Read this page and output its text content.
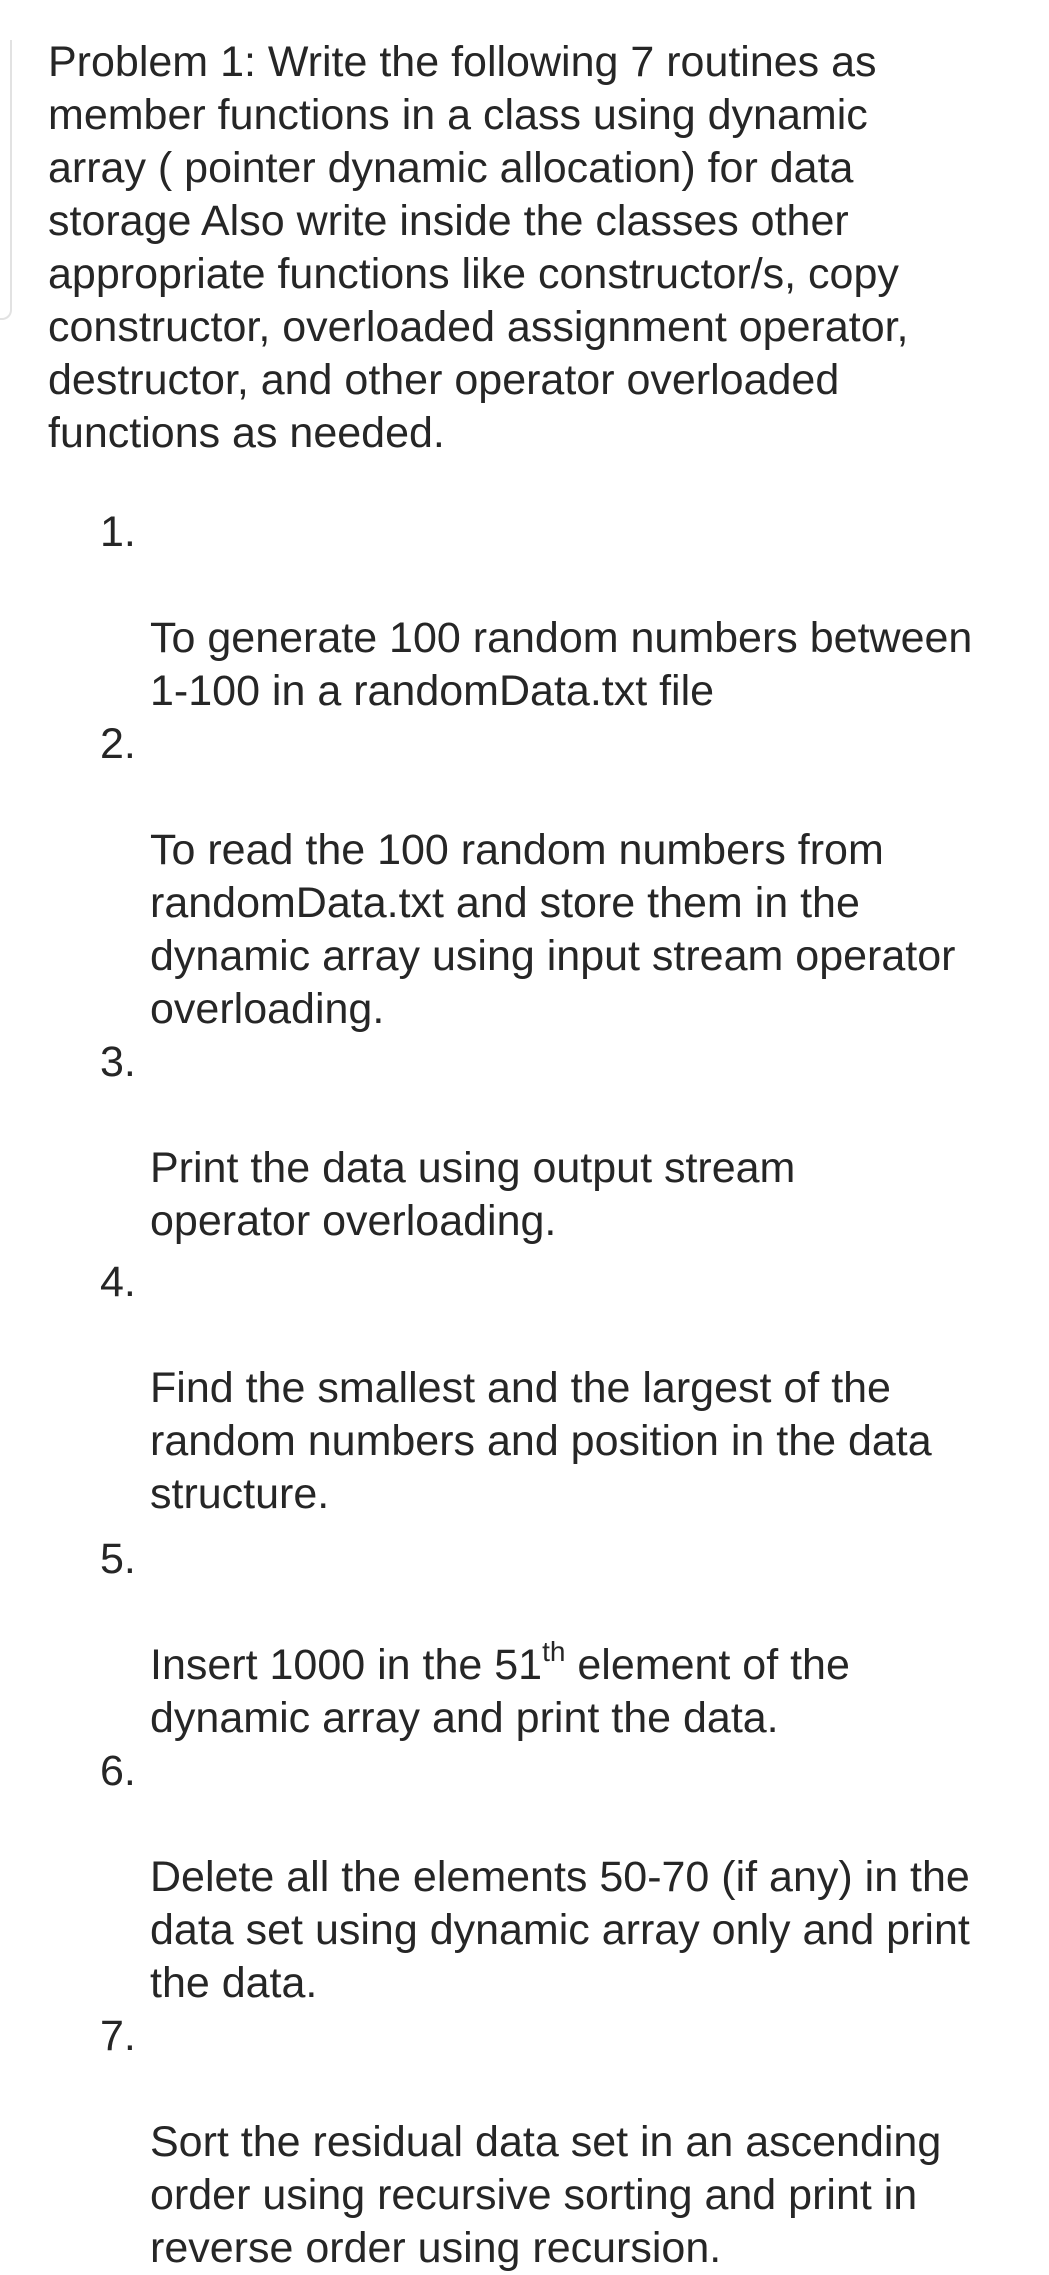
Problem 1: Write the following 7 routines as
member functions in a class using dynamic
array ( pointer dynamic allocation) for data
storage Also write inside the classes other
appropriate functions like constructor/s, copy
constructor, overloaded assignment operator,
destructor, and other operator overloaded
functions as needed.

1.

To generate 100 random numbers between
1-100 in a randomData.txt file

2.

To read the 100 random numbers from
randomData.txt and store them in the
dynamic array using input stream operator
overloading.

3.

Print the data using output stream
operator overloading.

4.

Find the smallest and the largest of the
random numbers and position in the data
structure.

5.

Insert 1000 in the 51th element of the
dynamic array and print the data.

6.

Delete all the elements 50-70 (if any) in the
data set using dynamic array only and print
the data.

7.

Sort the residual data set in an ascending
order using recursive sorting and print in
reverse order using recursion.
